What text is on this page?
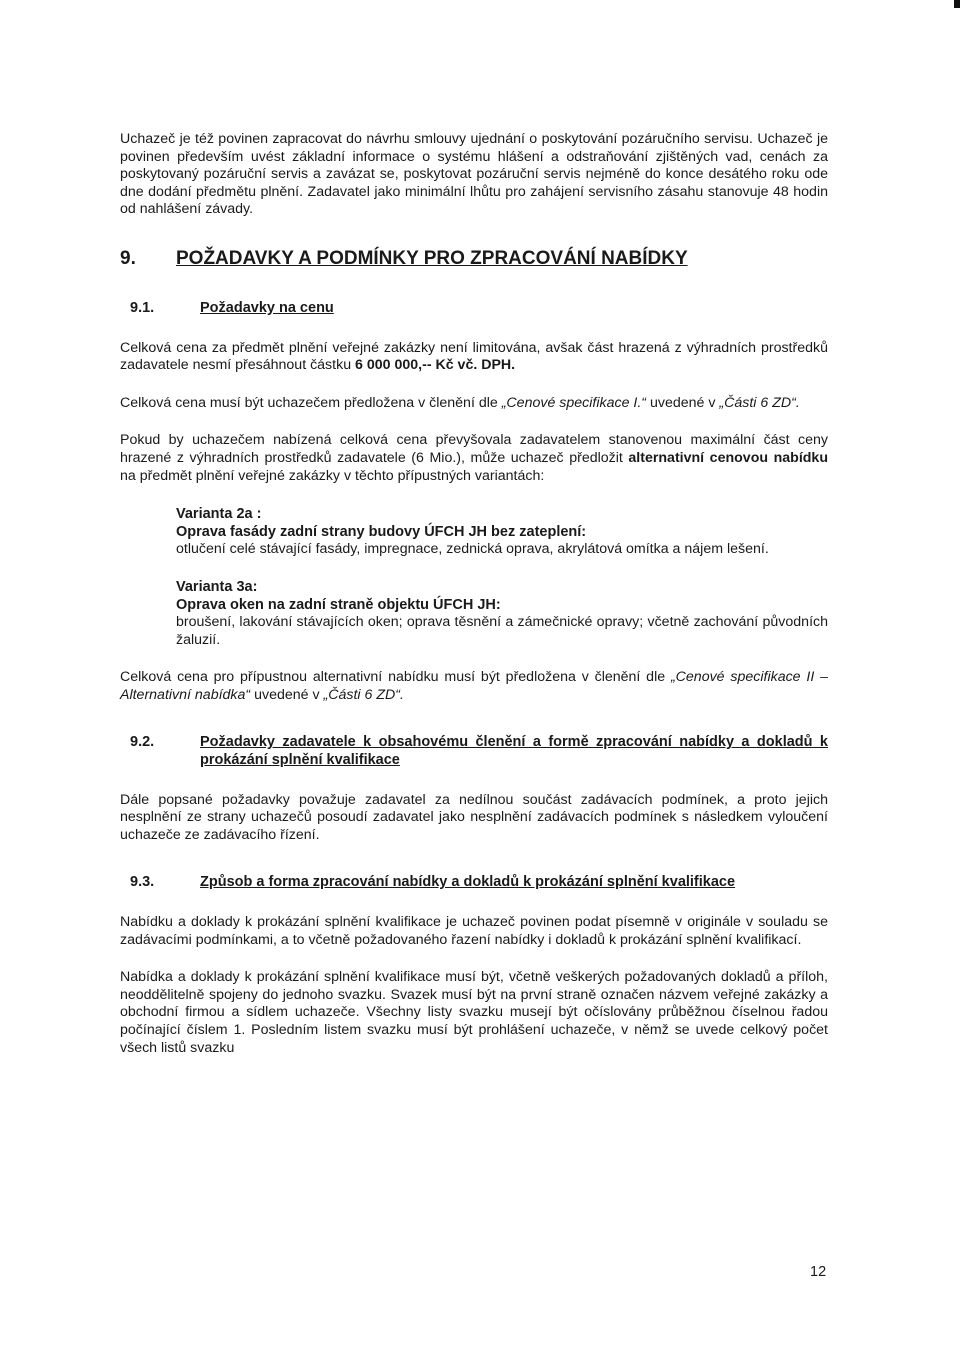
Uchazeč je též povinen zapracovat do návrhu smlouvy ujednání o poskytování pozáručního servisu. Uchazeč je povinen především uvést základní informace o systému hlášení a odstraňování zjištěných vad, cenách za poskytovaný pozáruční servis a zavázat se, poskytovat pozáruční servis nejméně do konce desátého roku ode dne dodání předmětu plnění. Zadavatel jako minimální lhůtu pro zahájení servisního zásahu stanovuje 48 hodin od nahlášení závady.

9.	POŽADAVKY A PODMÍNKY PRO ZPRACOVÁNÍ NABÍDKY
9.1.	Požadavky na cenu

Celková cena za předmět plnění veřejné zakázky není limitována, avšak část hrazená z výhradních prostředků zadavatele nesmí přesáhnout částku 6 000 000,-- Kč vč. DPH.

Celková cena musí být uchazečem předložena v členění dle „Cenové specifikace I.“ uvedené v „Části 6 ZD“.

Pokud by uchazečem nabízená celková cena převyšovala zadavatelem stanovenou maximální část ceny hrazené z výhradních prostředků zadavatele (6 Mio.), může uchazeč předložit alternativní cenovou nabídku na předmět plnění veřejné zakázky v těchto přípustných variantách:

Varianta 2a :
Oprava fasády zadní strany budovy ÚFCH JH bez zateplení:

otlučení celé stávající fasády, impregnace, zednická oprava, akrylátová omítka a nájem lešení.

Varianta 3a:
Oprava oken na zadní straně objektu ÚFCH JH:

broušení, lakování stávajících oken; oprava těsnění a zámečnické opravy; včetně zachování původních žaluzií.

Celková cena pro přípustnou alternativní nabídku musí být předložena v členění dle „Cenové specifikace II – Alternativní nabídka“ uvedené v „Části 6 ZD“.

9.2.	Požadavky zadavatele k obsahovému členění a formě zpracování nabídky a dokladů k prokázání splnění kvalifikace

Dále popsané požadavky považuje zadavatel za nedílnou součást zadávacích podmínek, a proto jejich nesplnění ze strany uchazečů posoudí zadavatel jako nesplnění zadávacích podmínek s následkem vyloučení uchazeče ze zadávacího řízení.

9.3.	Způsob a forma zpracování nabídky a dokladů k prokázání splnění kvalifikace

Nabídku a doklady k prokázání splnění kvalifikace je uchazeč povinen podat písemně v originále v souladu se zadávacími podmínkami, a to včetně požadovaného řazení nabídky i dokladů k prokázání splnění kvalifikací.

Nabídka a doklady k prokázání splnění kvalifikace musí být, včetně veškerých požadovaných dokladů a příloh, neoddělitelně spojeny do jednoho svazku. Svazek musí být na první straně označen názvem veřejné zakázky a obchodní firmou a sídlem uchazeče. Všechny listy svazku musejí být očíslovány průběžnou číselnou řadou počínající číslem 1. Posledním listem svazku musí být prohlášení uchazeče, v němž se uvede celkový počet všech listů svazku

12
